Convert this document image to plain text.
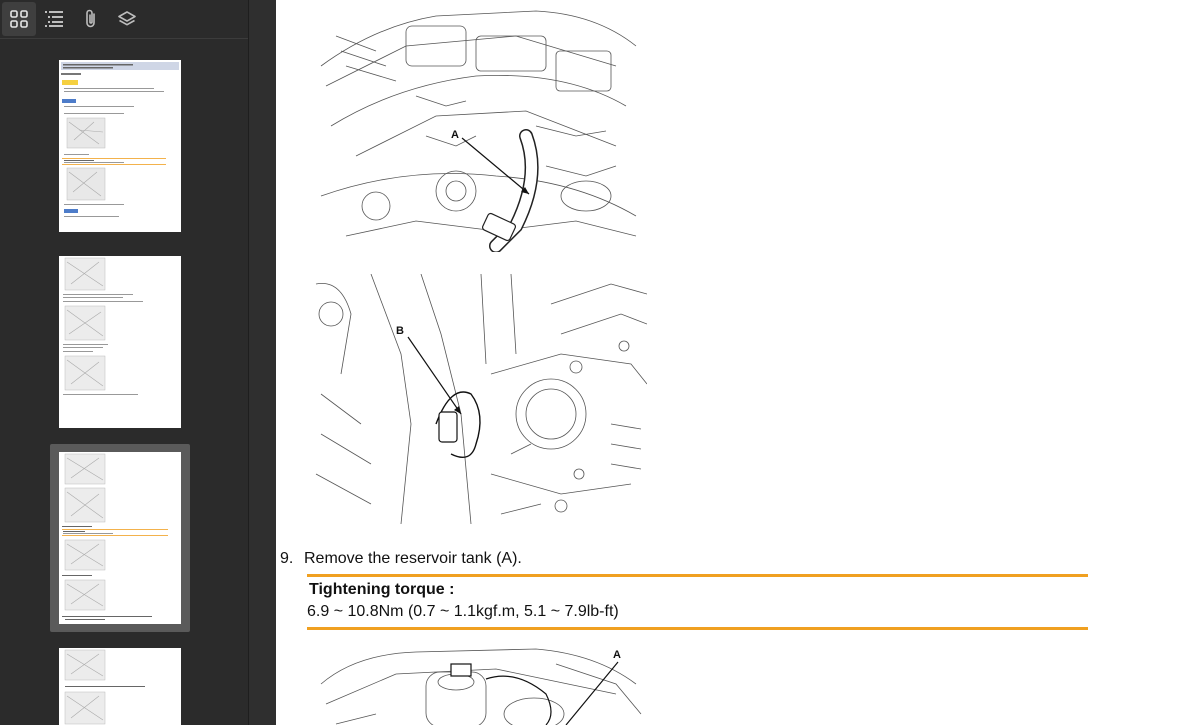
A
B
9. Remove the reservoir tank (A).
Tightening torque :
6.9 ~ 10.8Nm (0.7 ~ 1.1kgf.m, 5.1 ~ 7.9lb-ft)
A
